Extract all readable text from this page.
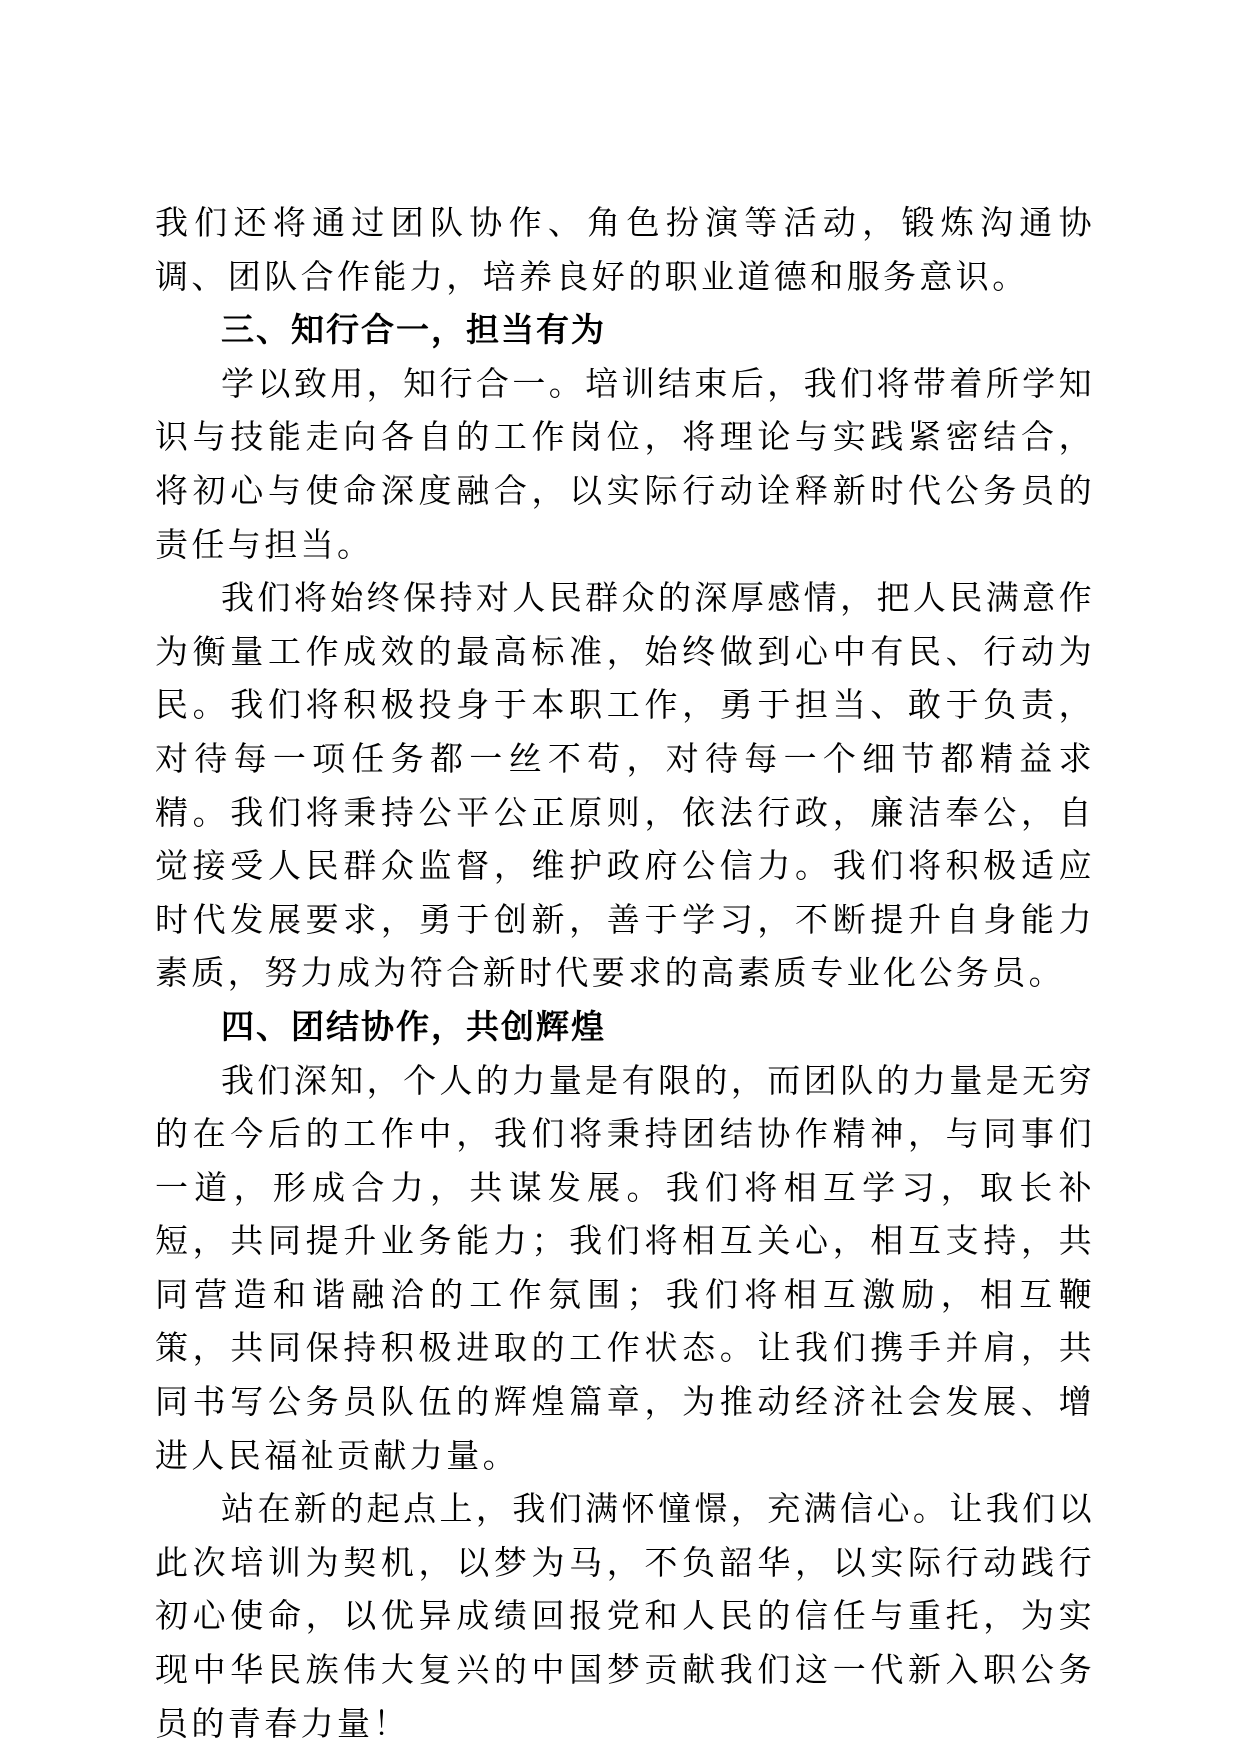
我们还将通过团队协作、角色扮演等活动，锻炼沟通协调、团队合作能力，培养良好的职业道德和服务意识。

三、知行合一，担当有为

学以致用，知行合一。培训结束后，我们将带着所学知识与技能走向各自的工作岗位，将理论与实践紧密结合，将初心与使命深度融合，以实际行动诠释新时代公务员的责任与担当。

我们将始终保持对人民群众的深厚感情，把人民满意作为衡量工作成效的最高标准，始终做到心中有民、行动为民。我们将积极投身于本职工作，勇于担当、敢于负责，对待每一项任务都一丝不苟，对待每一个细节都精益求精。我们将秉持公平公正原则，依法行政，廉洁奉公，自觉接受人民群众监督，维护政府公信力。我们将积极适应时代发展要求，勇于创新，善于学习，不断提升自身能力素质，努力成为符合新时代要求的高素质专业化公务员。

四、团结协作，共创辉煌

我们深知，个人的力量是有限的，而团队的力量是无穷的在今后的工作中，我们将秉持团结协作精神，与同事们一道，形成合力，共谋发展。我们将相互学习，取长补短，共同提升业务能力；我们将相互关心，相互支持，共同营造和谐融洽的工作氛围；我们将相互激励，相互鞭策，共同保持积极进取的工作状态。让我们携手并肩，共同书写公务员队伍的辉煌篇章，为推动经济社会发展、增进人民福祉贡献力量。

站在新的起点上，我们满怀憧憬，充满信心。让我们以此次培训为契机，以梦为马，不负韶华，以实际行动践行初心使命，以优异成绩回报党和人民的信任与重托，为实现中华民族伟大复兴的中国梦贡献我们这一代新入职公务员的青春力量！
